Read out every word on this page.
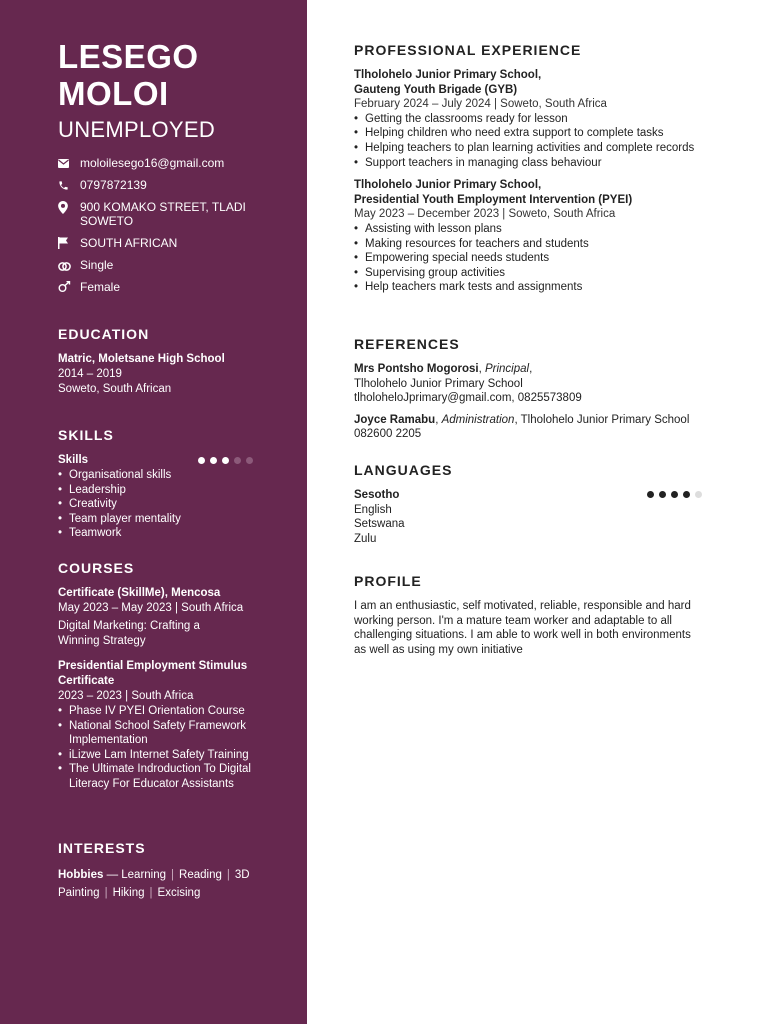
LESEGO
MOLOI
UNEMPLOYED
moloilesego16@gmail.com
0797872139
900 KOMAKO STREET, TLADI SOWETO
SOUTH AFRICAN
Single
Female
EDUCATION
Matric, Moletsane High School
2014 – 2019
Soweto, South African
SKILLS
Skills
• Organisational skills
• Leadership
• Creativity
• Team player mentality
• Teamwork
COURSES
Certificate (SkillMe), Mencosa
May 2023 – May 2023 | South Africa
Digital Marketing: Crafting a Winning Strategy
Presidential Employment Stimulus Certificate
2023 – 2023 | South Africa
• Phase IV PYEI Orientation Course
• National School Safety Framework Implementation
• iLizwe Lam Internet Safety Training
• The Ultimate Indroduction To Digital Literacy For Educator Assistants
INTERESTS
Hobbies — Learning | Reading | 3D Painting | Hiking | Excising
PROFESSIONAL EXPERIENCE
Tlholohelo Junior Primary School,
Gauteng Youth Brigade (GYB)
February 2024 – July 2024 | Soweto, South Africa
• Getting the classrooms ready for lesson
• Helping children who need extra support to complete tasks
• Helping teachers to plan learning activities and complete records
• Support teachers in managing class behaviour
Tlholohelo Junior Primary School,
Presidential Youth Employment Intervention (PYEI)
May 2023 – December 2023 | Soweto, South Africa
• Assisting with lesson plans
• Making resources for teachers and students
• Empowering special needs students
• Supervising group activities
• Help teachers mark tests and assignments
REFERENCES
Mrs Pontsho Mogorosi, Principal,
Tlholohelo Junior Primary School
tlholoheloJprimary@gmail.com, 0825573809
Joyce Ramabu, Administration, Tlholohelo Junior Primary School
082600 2205
LANGUAGES
Sesotho
English
Setswana
Zulu
PROFILE
I am an enthusiastic, self motivated, reliable, responsible and hard working person. I'm a mature team worker and adaptable to all challenging situations. I am able to work well in both environments as well as using my own initiative
